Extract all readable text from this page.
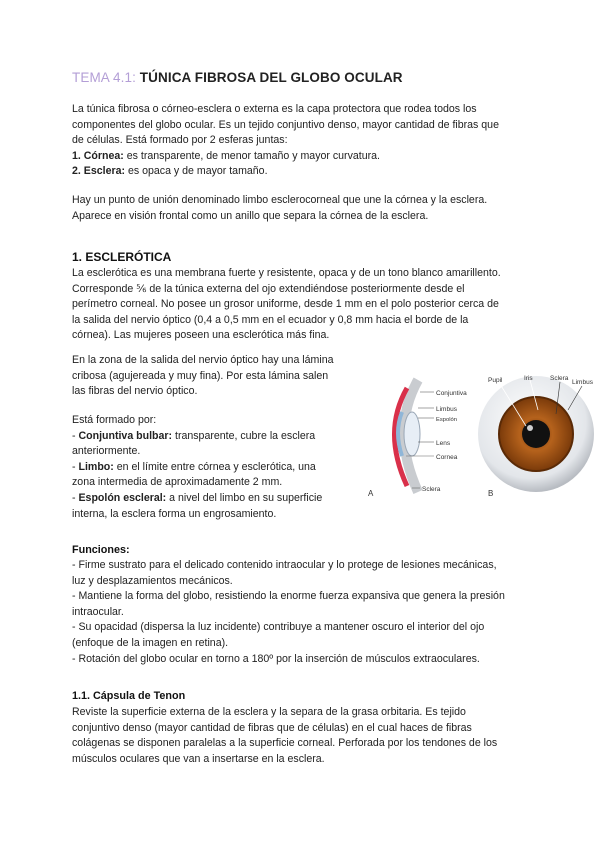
TEMA 4.1: TÚNICA FIBROSA DEL GLOBO OCULAR
La túnica fibrosa o córneo-esclera o externa es la capa protectora que rodea todos los
componentes del globo ocular. Es un tejido conjuntivo denso, mayor cantidad de fibras que
de células. Está formado por 2 esferas juntas:
1. Córnea: es transparente, de menor tamaño y mayor curvatura.
2. Esclera: es opaca y de mayor tamaño.
Hay un punto de unión denominado limbo esclerocorneal que une la córnea y la esclera.
Aparece en visión frontal como un anillo que separa la córnea de la esclera.
1. ESCLERÓTICA
La esclerótica es una membrana fuerte y resistente, opaca y de un tono blanco amarillento.
Corresponde ⅚ de la túnica externa del ojo extendiéndose posteriormente desde el
perímetro corneal. No posee un grosor uniforme, desde 1 mm en el polo posterior cerca de
la salida del nervio óptico (0,4 a 0,5 mm en el ecuador y 0,8 mm hacia el borde de la
córnea). Las mujeres poseen una esclerótica más fina.
En la zona de la salida del nervio óptico hay una lámina
cribosa (agujereada y muy fina). Por esta lámina salen
las fibras del nervio óptico.
Está formado por:
- Conjuntiva bulbar: transparente, cubre la esclera
anteriormente.
- Limbo: en el límite entre córnea y esclerótica, una
zona intermedia de aproximadamente 2 mm.
- Espolón escleral: a nivel del limbo en su superficie
interna, la esclera forma un engrosamiento.
Conjuntiva
Limbus
Espolón
Lens
Cornea
Sclera
A
Pupil	Iris	Sclera
Limbus
B
Funciones:
- Firme sustrato para el delicado contenido intraocular y lo protege de lesiones mecánicas,
luz y desplazamientos mecánicos.
- Mantiene la forma del globo, resistiendo la enorme fuerza expansiva que genera la presión
intraocular.
- Su opacidad (dispersa la luz incidente) contribuye a mantener oscuro el interior del ojo
(enfoque de la imagen en retina).
- Rotación del globo ocular en torno a 180º por la inserción de músculos extraoculares.
1.1. Cápsula de Tenon
Reviste la superficie externa de la esclera y la separa de la grasa orbitaria. Es tejido
conjuntivo denso (mayor cantidad de fibras que de células) en el cual haces de fibras
colágenas se disponen paralelas a la superficie corneal. Perforada por los tendones de los
músculos oculares que van a insertarse en la esclera.
